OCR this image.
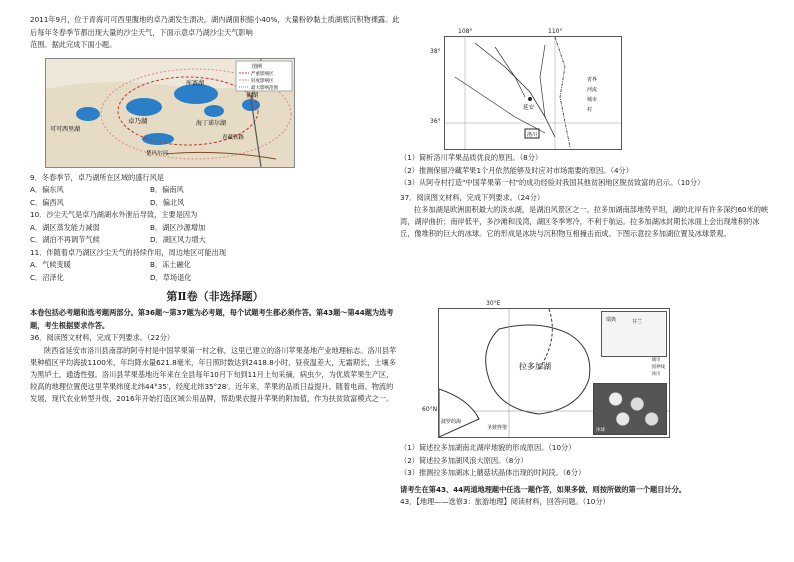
2011年9月，位于青海可可西里腹地的卓乃湖发生溃决，湖内湖面积缩小40%，大量粉砂黏土质湖底沉积物裸露。此后每年冬春季节都出现大量的沙尘天气，下面示意卓乃湖沙尘天气影响
范围。据此完成下面小题。

可可西里湖
卓乃湖
库赛湖
海丁诺尔湖
盐湖
青藏铁路
楚玛尔河
图例
严重影响区
轻度影响区
最大影响范围

9．冬春季节，卓乃湖所在区域的盛行风是

A．偏东风	B．偏南风
C．偏西风	D．偏北风

10．沙尘天气是卓乃湖湖水外泄后导致，主要是因为

A．湖区蒸发能力减弱	B．湖区沙源增加
C．湖泊不再调节气候	D．湖区风力增大

11．伴随着卓乃湖区沙尘天气的持续作用，周边地区可能出现

A．气候变暖	B．冻土融化
C．沼泽化	D．草场退化
第Ⅱ卷（非选择题）

本卷包括必考题和选考题两部分。第36题～第37题为必考题，每个试题考生都必须作答。第43题～第44题为选考题，考生根据要求作答。

36．阅读图文材料，完成下列要求。（22分）

陕西省延安市洛川县南部的阿寺村是中国苹果第一村之称，这里已建立的洛川苹果基地产业地理标志。洛川县苹果种植区平均海拔1100米，年均降水量621.8毫米，年日照时数达到2418.8小时，昼夜温差大，无霜期长，土壤多为黑垆土，通透性强。洛川县苹果基地近年来在全县每年10月下旬到11月上旬采摘，病虫少，为优质苹果生产区，较高的地理位置使这里苹果纬度北纬44°35′，经度北纬35°28′。近年来，苹果的品质日益提升。随着电商、物流的发展，现代农业转型升级，2016年开始打造区域公用品牌，帮助果农提升苹果的附加值，作为扶贫致富模式之一。

延安
洛川
省界
河流
城市
村
108°	110°
38°
36°

（1）简析洛川苹果品质优良的原因。（8分）

（2）推测保留冷藏苹果1个月依然能够及时应对市场需要的原因。（4分）

（3）从阿寺村打造"中国苹果第一村"的成功经验对我国其他贫困地区脱贫致富的启示。（10分）

37．阅读图文材料，完成下列要求。（24分）

拉多加湖是欧洲面积最大的淡水湖，是湖泊风景区之一。拉多加湖南部地势平坦，湖的北岸有许多深约60米的峡湾，湖岸曲折；南岸低平，多沙滩和浅湾，湖区冬季寒冷，不利于航运。拉多加湖冰封期长冰面上会出现堆积的冰丘，像堆积的巨大的冰球。它的形成是冰块与沉积物互相撞击而成。下图示意拉多加湖位置及冰球景观。

拉多加湖
波罗的海
圣彼得堡
瑞典	芬兰
城市
国界线
冰川
冰球
30°E
60°N

（1）简述拉多加湖南北湖岸地貌的形成原因。（10分）

（2）简述拉多加湖风浪大原因。（8分）

（3）推测拉多加湖冰上蘑菇状晶体出现的时间段。（6分）

请考生在第43、44两道地理题中任选一题作答，如果多做，则按所做的第一个题目计分。

43．【地理——选修3：旅游地理】阅读材料，回答问题。（10分）
